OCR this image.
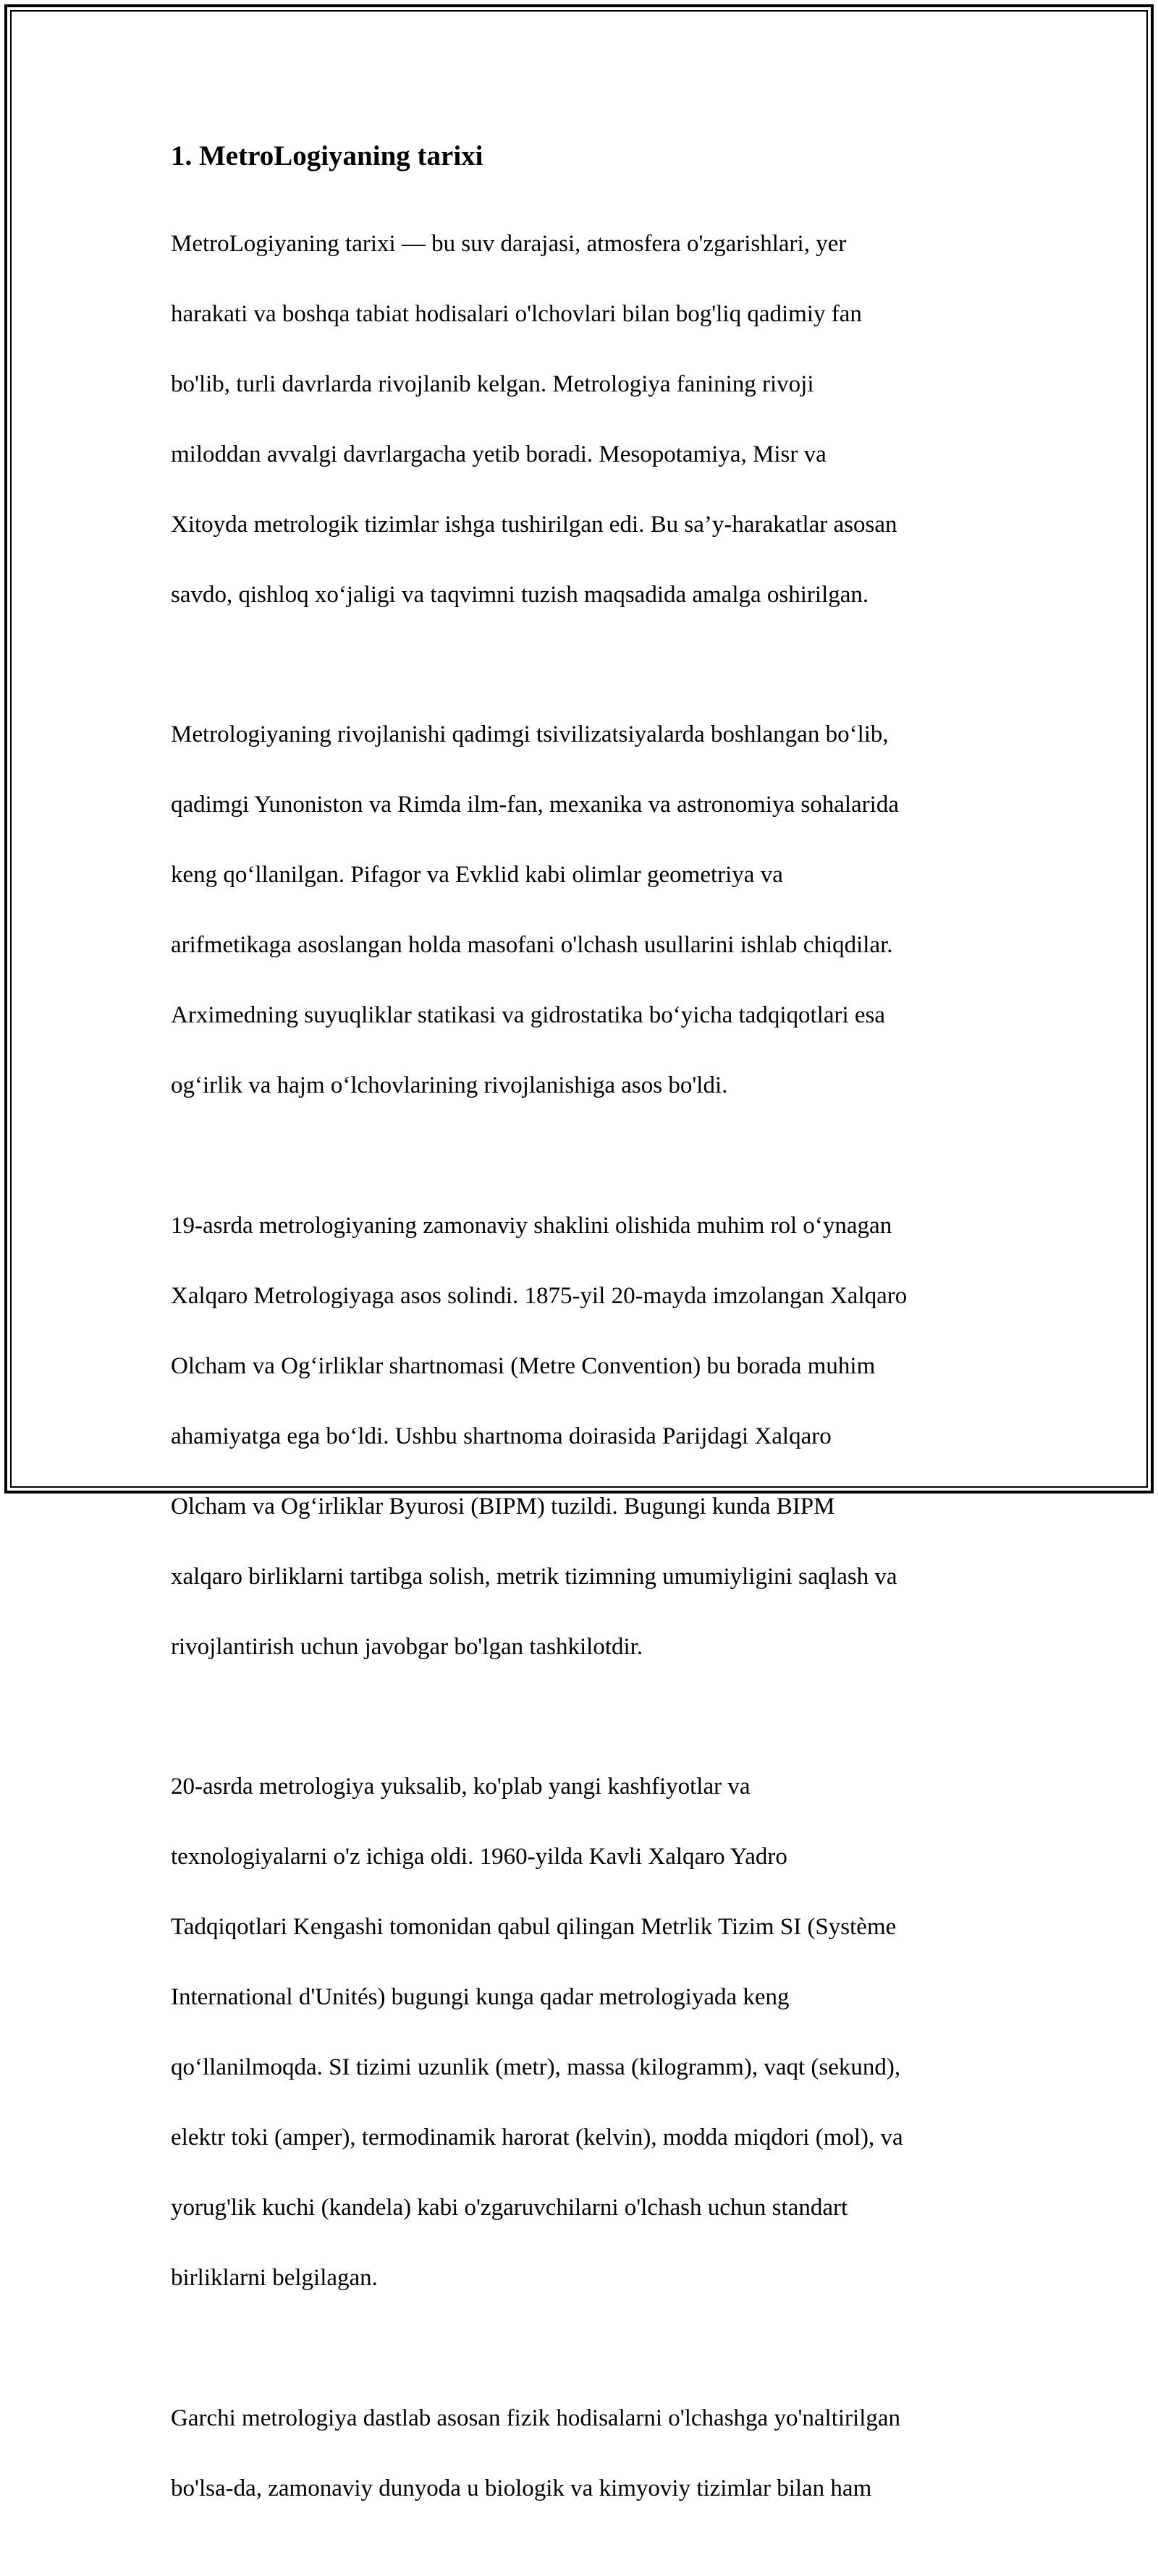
1. MetroLogiyaning tarixi

MetroLogiyaning tarixi — bu suv darajasi, atmosfera o'zgarishlari, yer

harakati va boshqa tabiat hodisalari o'lchovlari bilan bog'liq qadimiy fan

bo'lib, turli davrlarda rivojlanib kelgan. Metrologiya fanining rivoji

miloddan avvalgi davrlargacha yetib boradi. Mesopotamiya, Misr va

Xitoyda metrologik tizimlar ishga tushirilgan edi. Bu sa’y-harakatlar asosan

savdo, qishloq xo‘jaligi va taqvimni tuzish maqsadida amalga oshirilgan.

Metrologiyaning rivojlanishi qadimgi tsivilizatsiyalarda boshlangan bo‘lib,

qadimgi Yunoniston va Rimda ilm-fan, mexanika va astronomiya sohalarida

keng qo‘llanilgan. Pifagor va Evklid kabi olimlar geometriya va

arifmetikaga asoslangan holda masofani o'lchash usullarini ishlab chiqdilar.

Arximedning suyuqliklar statikasi va gidrostatika bo‘yicha tadqiqotlari esa

og‘irlik va hajm o‘lchovlarining rivojlanishiga asos bo'ldi.

19-asrda metrologiyaning zamonaviy shaklini olishida muhim rol o‘ynagan

Xalqaro Metrologiyaga asos solindi. 1875-yil 20-mayda imzolangan Xalqaro

Olcham va Og‘irliklar shartnomasi (Metre Convention) bu borada muhim

ahamiyatga ega bo‘ldi. Ushbu shartnoma doirasida Parijdagi Xalqaro

Olcham va Og‘irliklar Byurosi (BIPM) tuzildi. Bugungi kunda BIPM

xalqaro birliklarni tartibga solish, metrik tizimning umumiyligini saqlash va

rivojlantirish uchun javobgar bo'lgan tashkilotdir.

20-asrda metrologiya yuksalib, ko'plab yangi kashfiyotlar va

texnologiyalarni o'z ichiga oldi. 1960-yilda Kavli Xalqaro Yadro

Tadqiqotlari Kengashi tomonidan qabul qilingan Metrlik Tizim SI (Système

International d'Unités) bugungi kunga qadar metrologiyada keng

qo‘llanilmoqda. SI tizimi uzunlik (metr), massa (kilogramm), vaqt (sekund),

elektr toki (amper), termodinamik harorat (kelvin), modda miqdori (mol), va

yorug'lik kuchi (kandela) kabi o'zgaruvchilarni o'lchash uchun standart

birliklarni belgilagan.

Garchi metrologiya dastlab asosan fizik hodisalarni o'lchashga yo'naltirilgan

bo'lsa-da, zamonaviy dunyoda u biologik va kimyoviy tizimlar bilan ham
